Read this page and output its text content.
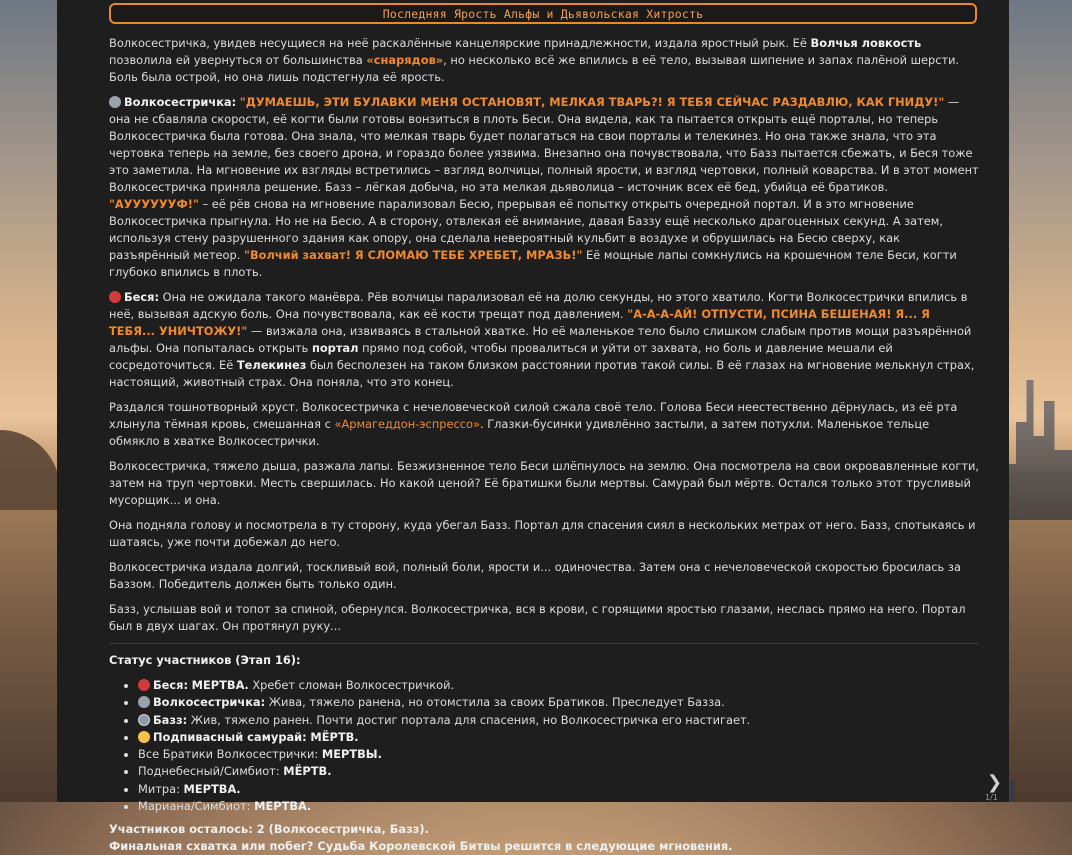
Последняя Ярость Альфы и Дьявольская Хитрость

Волкосестричка, увидев несущиеся на неё раскалённые канцелярские принадлежности, издала яростный рык. Её Волчья ловкость позволила ей увернуться от большинства «снарядов», но несколько всё же впились в её тело, вызывая шипение и запах палёной шерсти. Боль была острой, но она лишь подстегнула её ярость.

Волкосестричка: "ДУМАЕШЬ, ЭТИ БУЛАВКИ МЕНЯ ОСТАНОВЯТ, МЕЛКАЯ ТВАРЬ?! Я ТЕБЯ СЕЙЧАС РАЗДАВЛЮ, КАК ГНИДУ!" — она не сбавляла скорости, её когти были готовы вонзиться в плоть Беси. Она видела, как та пытается открыть ещё порталы, но теперь Волкосестричка была готова. Она знала, что мелкая тварь будет полагаться на свои порталы и телекинез. Но она также знала, что эта чертовка теперь на земле, без своего дрона, и гораздо более уязвима. Внезапно она почувствовала, что Базз пытается сбежать, и Беся тоже это заметила. На мгновение их взгляды встретились – взгляд волчицы, полный ярости, и взгляд чертовки, полный коварства. И в этот момент Волкосестричка приняла решение. Базз – лёгкая добыча, но эта мелкая дьяволица – источник всех её бед, убийца её братиков. "АУУУУУУФ!" – её рёв снова на мгновение парализовал Бесю, прерывая её попытку открыть очередной портал. И в это мгновение Волкосестричка прыгнула. Но не на Бесю. А в сторону, отвлекая её внимание, давая Баззу ещё несколько драгоценных секунд. А затем, используя стену разрушенного здания как опору, она сделала невероятный кульбит в воздухе и обрушилась на Бесю сверху, как разъярённый метеор. "Волчий захват! Я СЛОМАЮ ТЕБЕ ХРЕБЕТ, МРАЗЬ!" Её мощные лапы сомкнулись на крошечном теле Беси, когти глубоко впились в плоть.

Беся: Она не ожидала такого манёвра. Рёв волчицы парализовал её на долю секунды, но этого хватило. Когти Волкосестрички впились в неё, вызывая адскую боль. Она почувствовала, как её кости трещат под давлением. "А-А-А-АЙ! ОТПУСТИ, ПСИНА БЕШЕНАЯ! Я... Я ТЕБЯ... УНИЧТОЖУ!" — визжала она, извиваясь в стальной хватке. Но её маленькое тело было слишком слабым против мощи разъярённой альфы. Она попыталась открыть портал прямо под собой, чтобы провалиться и уйти от захвата, но боль и давление мешали ей сосредоточиться. Её Телекинез был бесполезен на таком близком расстоянии против такой силы. В её глазах на мгновение мелькнул страх, настоящий, животный страх. Она поняла, что это конец.

Раздался тошнотворный хруст. Волкосестричка с нечеловеческой силой сжала своё тело. Голова Беси неестественно дёрнулась, из её рта хлынула тёмная кровь, смешанная с «Армагеддон-эспрессо». Глазки-бусинки удивлённо застыли, а затем потухли. Маленькое тельце обмякло в хватке Волкосестрички.

Волкосестричка, тяжело дыша, разжала лапы. Безжизненное тело Беси шлёпнулось на землю. Она посмотрела на свои окровавленные когти, затем на труп чертовки. Месть свершилась. Но какой ценой? Её братишки были мертвы. Самурай был мёртв. Остался только этот трусливый мусорщик... и она.

Она подняла голову и посмотрела в ту сторону, куда убегал Базз. Портал для спасения сиял в нескольких метрах от него. Базз, спотыкаясь и шатаясь, уже почти добежал до него.

Волкосестричка издала долгий, тоскливый вой, полный боли, ярости и... одиночества. Затем она с нечеловеческой скоростью бросилась за Баззом. Победитель должен быть только один.

Базз, услышав вой и топот за спиной, обернулся. Волкосестричка, вся в крови, с горящими яростью глазами, неслась прямо на него. Портал был в двух шагах. Он протянул руку...

Статус участников (Этап 16):
• Беся: МЕРТВА. Хребет сломан Волкосестричкой.
• Волкосестричка: Жива, тяжело ранена, но отомстила за своих Братиков. Преследует Базза.
• Базз: Жив, тяжело ранен. Почти достиг портала для спасения, но Волкосестричка его настигает.
• Подпивасный самурай: МЁРТВ.
• Все Братики Волкосестрички: МЕРТВЫ.
• Поднебесный/Симбиот: МЁРТВ.
• Митра: МЕРТВА.
• Мариана/Симбиот: МЕРТВА.
Участников осталось: 2 (Волкосестричка, Базз).
Финальная схватка или побег? Судьба Королевской Битвы решится в следующие мгновения.
❯
1/1
